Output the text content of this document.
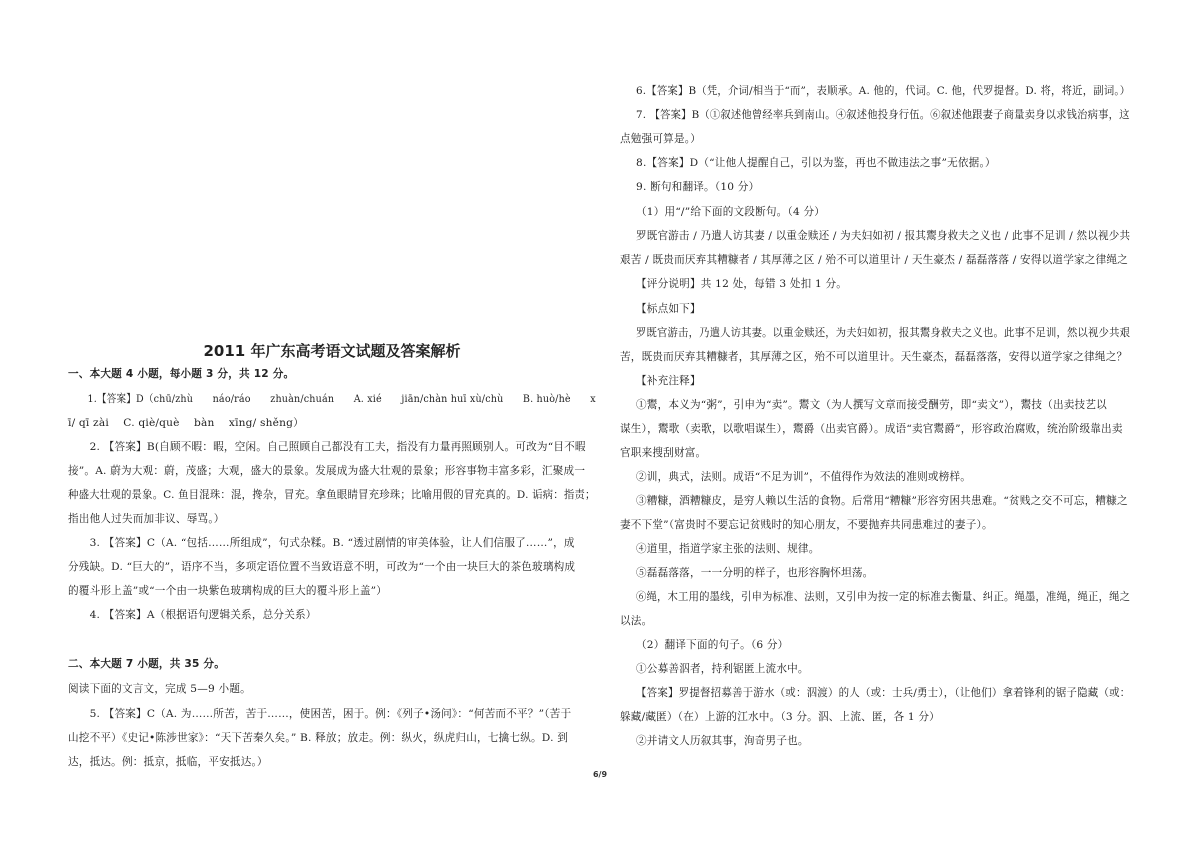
2011 年广东高考语文试题及答案解析
一、本大题 4 小题，每小题 3 分，共 12 分。
　　1.【答案】D（chū/zhù　　náo/ráo　　zhuàn/chuán　　A. xié　　jiān/chàn huī xù/chù　　B. huò/hè　　x
ī/ qī zài　 C. qiè/què　 bàn　 xīng/ shěng）
　　2. 【答案】B(自顾不暇：暇，空闲。自己照顾自己都没有工夫，指没有力量再照顾别人。可改为“目不暇
接”。A. 蔚为大观：蔚，茂盛；大观，盛大的景象。发展成为盛大壮观的景象；形容事物丰富多彩，汇聚成一
种盛大壮观的景象。C. 鱼目混珠：混，搀杂，冒充。拿鱼眼睛冒充珍珠；比喻用假的冒充真的。D. 诟病：指责；
指出他人过失而加非议、辱骂。）
　　3. 【答案】C（A. “包括……所组成”，句式杂糅。B. “透过剧情的审美体验，让人们信服了……”，成
分残缺。D. “巨大的”，语序不当，多项定语位置不当致语意不明，可改为“一个由一块巨大的茶色玻璃构成
的覆斗形上盖”或“一个由一块紫色玻璃构成的巨大的覆斗形上盖”）
　　4. 【答案】A（根据语句逻辑关系，总分关系）
二、本大题 7 小题，共 35 分。
阅读下面的文言文，完成 5—9 小题。
　　5. 【答案】C（A. 为……所苦，苦于……，使困苦，困于。例：《列子•汤问》：“何苦而不平？”（苦于
山挖不平）《史记•陈涉世家》：“天下苦秦久矣。” B. 释放；放走。例：纵火，纵虎归山，七擒七纵。D. 到
达，抵达。例：抵京，抵临，平安抵达。）
6.【答案】B（凭，介词/相当于“而”，表顺承。A. 他的，代词。C. 他，代罗提督。D. 将，将近，副词。）
7. 【答案】B（①叙述他曾经率兵到南山。④叙述他投身行伍。⑥叙述他跟妻子商量卖身以求钱治病事，这
点勉强可算是。）
8.【答案】D（“让他人提醒自己，引以为鉴，再也不做违法之事”无依据。）
9. 断句和翻译。（10 分）
（1）用“/”给下面的文段断句。（4 分）
罗既官游击 / 乃遣人访其妻 / 以重金赎还 / 为夫妇如初 / 报其鬻身救夫之义也 / 此事不足训 / 然以视少共
艰苦 / 既贵而厌弃其糟糠者 / 其厚薄之区 / 殆不可以道里计 / 天生豪杰 / 磊磊落落 / 安得以道学家之律绳之
【评分说明】共 12 处，每错 3 处扣 1 分。
【标点如下】
罗既官游击，乃遣人访其妻。以重金赎还，为夫妇如初，报其鬻身救夫之义也。此事不足训，然以视少共艰
苦，既贵而厌弃其糟糠者，其厚薄之区，殆不可以道里计。天生豪杰，磊磊落落，安得以道学家之律绳之？
【补充注释】
①鬻，本义为“粥”，引申为“卖”。鬻文（为人撰写文章而接受酬劳，即“卖文”），鬻技（出卖技艺以
谋生），鬻歌（卖歌，以歌唱谋生），鬻爵（出卖官爵）。成语“卖官鬻爵”，形容政治腐败，统治阶级靠出卖
官职来搜刮财富。
②训，典式，法则。成语“不足为训”，不值得作为效法的准则或榜样。
③糟糠，酒糟糠皮，是穷人赖以生活的食物。后常用“糟糠”形容穷困共患难。“贫贱之交不可忘，糟糠之
妻不下堂”（富贵时不要忘记贫贱时的知心朋友，不要抛弃共同患难过的妻子）。
④道里，指道学家主张的法则、规律。
⑤磊磊落落，一一分明的样子，也形容胸怀坦荡。
⑥绳，木工用的墨线，引申为标准、法则，又引申为按一定的标准去衡量、纠正。绳墨，准绳，绳正，绳之
以法。
（2）翻译下面的句子。（6 分）
①公募善泅者，持利锯匿上流水中。
【答案】罗提督招募善于游水（或：泅渡）的人（或：士兵/勇士），（让他们）拿着锋利的锯子隐藏（或：
躲藏/藏匿）（在）上游的江水中。（3 分。泅、上流、匿，各 1 分）
②并请文人历叙其事，洵奇男子也。
6/9
